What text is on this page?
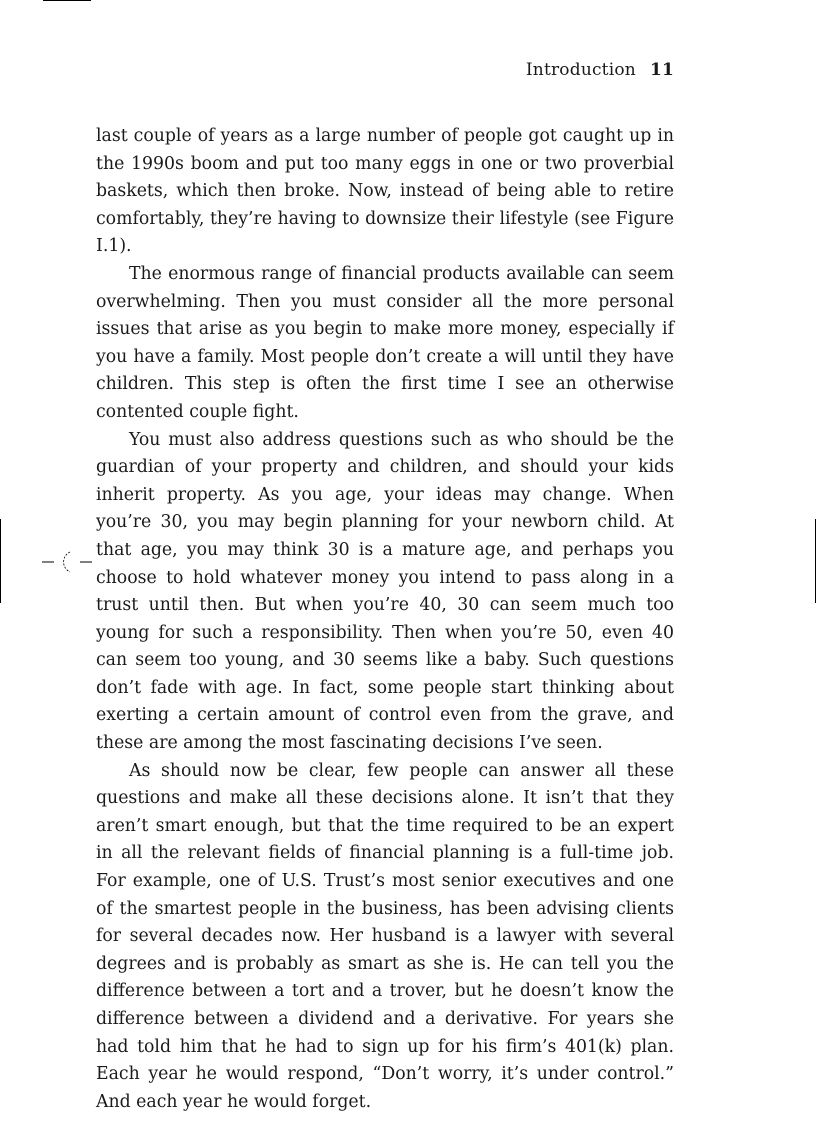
Introduction 11

last couple of years as a large number of people got caught up in the 1990s boom and put too many eggs in one or two proverbial baskets, which then broke. Now, instead of being able to retire comfortably, they’re having to downsize their lifestyle (see Figure I.1).

The enormous range of financial products available can seem overwhelming. Then you must consider all the more personal issues that arise as you begin to make more money, especially if you have a family. Most people don’t create a will until they have children. This step is often the first time I see an otherwise contented couple fight.

You must also address questions such as who should be the guardian of your property and children, and should your kids inherit property. As you age, your ideas may change. When you’re 30, you may begin planning for your newborn child. At that age, you may think 30 is a mature age, and perhaps you choose to hold whatever money you intend to pass along in a trust until then. But when you’re 40, 30 can seem much too young for such a responsibility. Then when you’re 50, even 40 can seem too young, and 30 seems like a baby. Such questions don’t fade with age. In fact, some people start thinking about exerting a certain amount of control even from the grave, and these are among the most fascinating decisions I’ve seen.

As should now be clear, few people can answer all these questions and make all these decisions alone. It isn’t that they aren’t smart enough, but that the time required to be an expert in all the relevant fields of financial planning is a full-time job. For example, one of U.S. Trust’s most senior executives and one of the smartest people in the business, has been advising clients for several decades now. Her husband is a lawyer with several degrees and is probably as smart as she is. He can tell you the difference between a tort and a trover, but he doesn’t know the difference between a dividend and a derivative. For years she had told him that he had to sign up for his firm’s 401(k) plan. Each year he would respond, “Don’t worry, it’s under control.” And each year he would forget.
